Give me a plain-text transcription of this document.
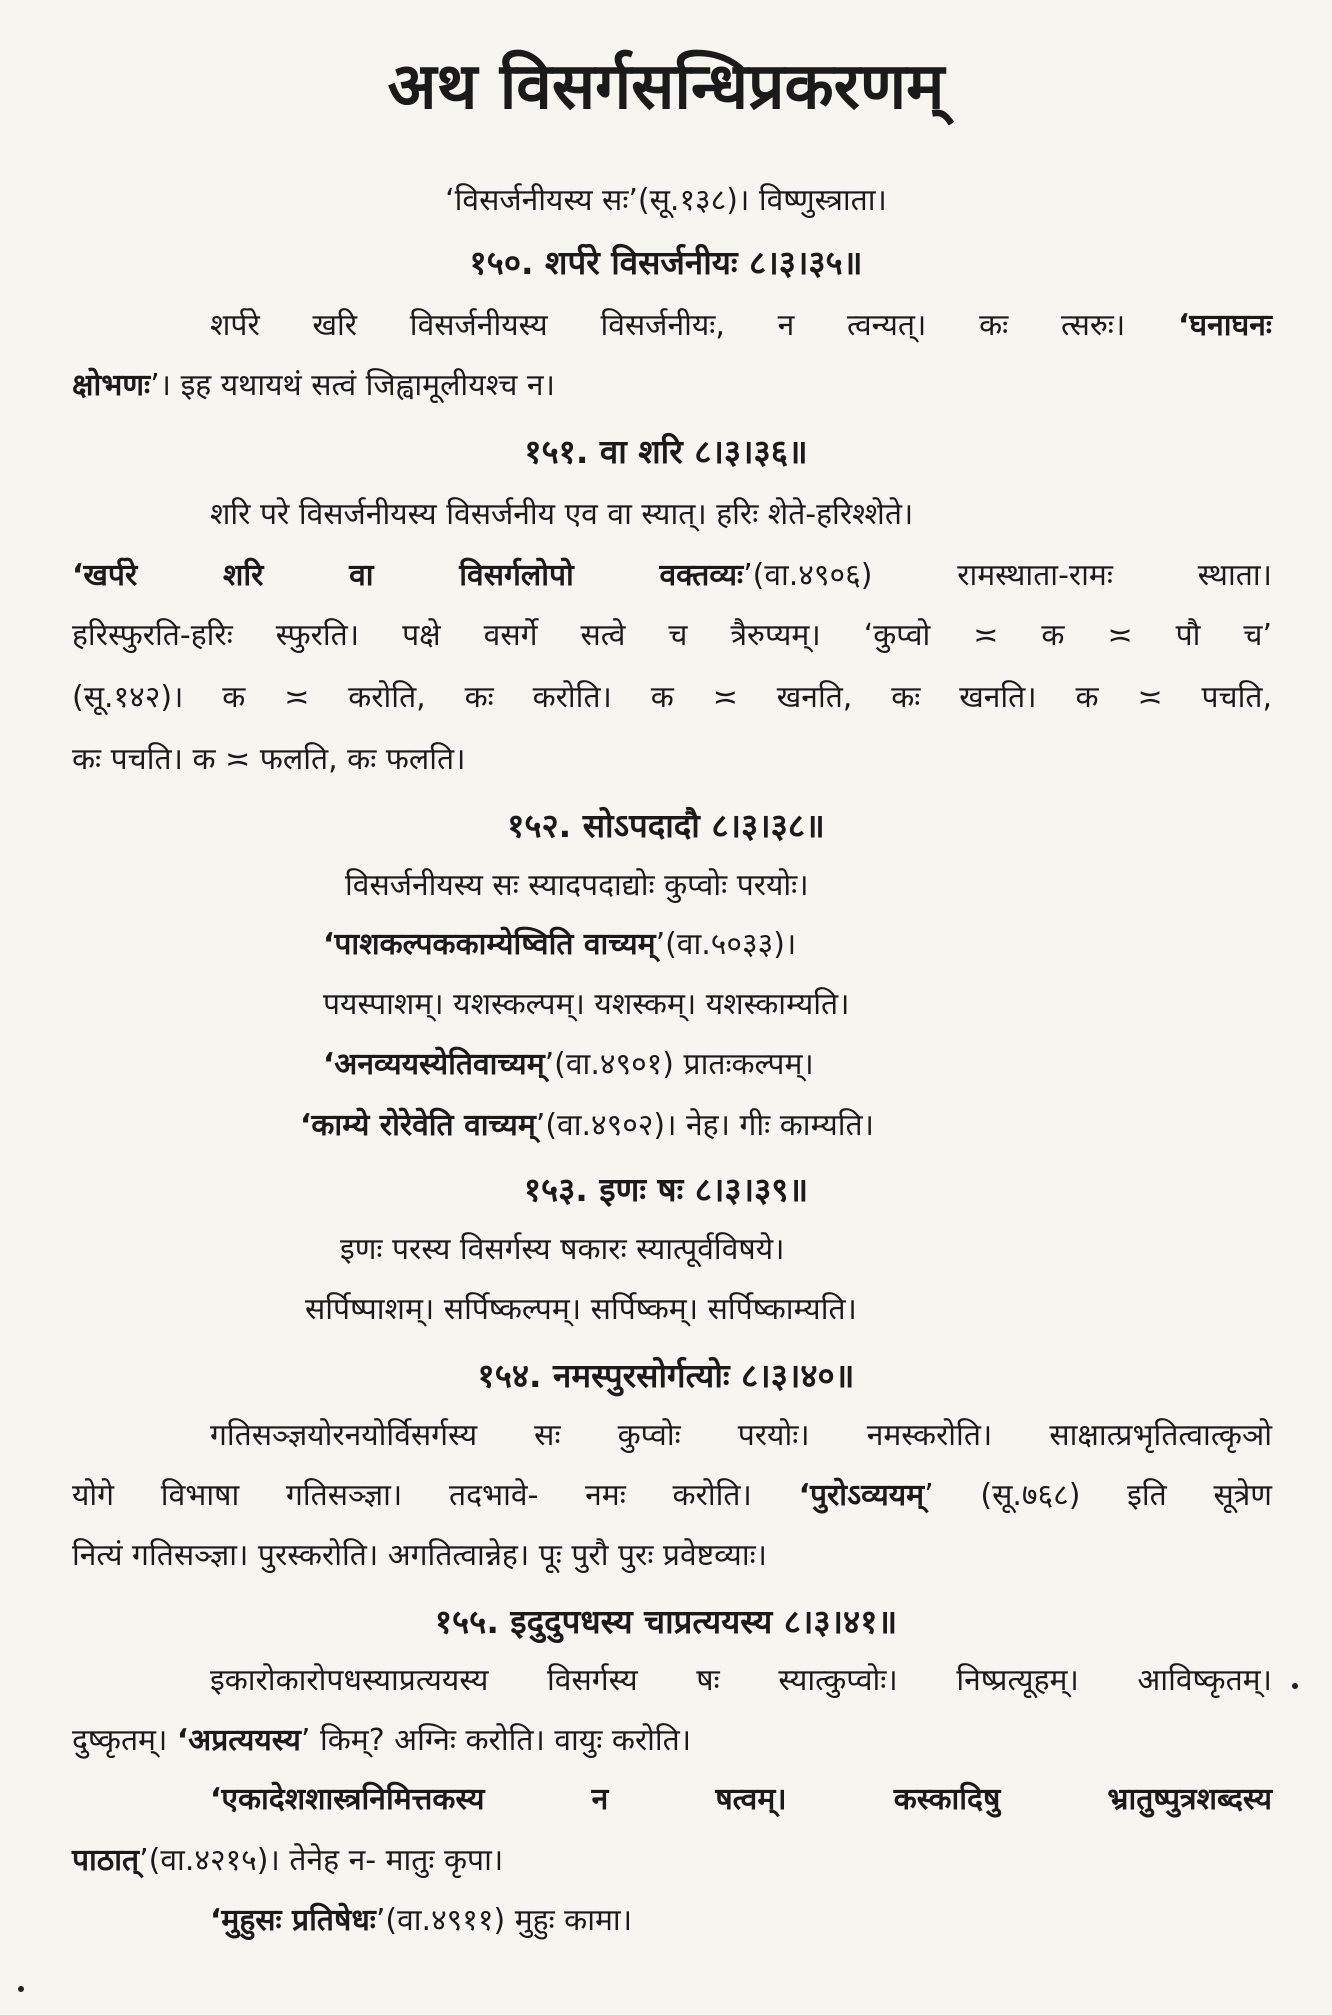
अथ विसर्गसन्धिप्रकरणम्
‘विसर्जनीयस्य सः’(सू.१३८)। विष्णुस्त्राता।
१५०. शर्परे विसर्जनीयः ८।३।३५॥
शर्परे खरि विसर्जनीयस्य विसर्जनीयः, न त्वन्यत्। कः त्सरुः। ‘घनाघनः
क्षोभणः’। इह यथायथं सत्वं जिह्वामूलीयश्च न।
१५१. वा शरि ८।३।३६॥
शरि परे विसर्जनीयस्य विसर्जनीय एव वा स्यात्। हरिः शेते-हरिश्शेते।
‘खर्परे शरि वा विसर्गलोपो वक्तव्यः’(वा.४९०६) रामस्थाता-रामः स्थाता।
हरिस्फुरति-हरिः स्फुरति। पक्षे वसर्गे सत्वे च त्रैरुप्यम्। ‘कुप्वो ≍ क ≍ पौ च’
(सू.१४२)। क ≍ करोति, कः करोति। क ≍ खनति, कः खनति। क ≍ पचति,
कः पचति। क ≍ फलति, कः फलति।
१५२. सोऽपदादौ ८।३।३८॥
विसर्जनीयस्य सः स्यादपदाद्योः कुप्वोः परयोः।
‘पाशकल्पककाम्येष्विति वाच्यम्’(वा.५०३३)।
पयस्पाशम्। यशस्कल्पम्। यशस्कम्। यशस्काम्यति।
‘अनव्ययस्येतिवाच्यम्’(वा.४९०१) प्रातःकल्पम्।
‘काम्ये रोरेवेति वाच्यम्’(वा.४९०२)। नेह। गीः काम्यति।
१५३. इणः षः ८।३।३९॥
इणः परस्य विसर्गस्य षकारः स्यात्पूर्वविषये।
सर्पिष्पाशम्। सर्पिष्कल्पम्। सर्पिष्कम्। सर्पिष्काम्यति।
१५४. नमस्पुरसोर्गत्योः ८।३।४०॥
गतिसञ्ज्ञयोरनयोर्विसर्गस्य सः कुप्वोः परयोः। नमस्करोति। साक्षात्प्रभृतित्वात्कृञो
योगे विभाषा गतिसञ्ज्ञा। तदभावे- नमः करोति। ‘पुरोऽव्ययम्’ (सू.७६८) इति सूत्रेण
नित्यं गतिसञ्ज्ञा। पुरस्करोति। अगतित्वान्नेह। पूः पुरौ पुरः प्रवेष्टव्याः।
१५५. इदुदुपधस्य चाप्रत्ययस्य ८।३।४१॥
इकारोकारोपधस्याप्रत्ययस्य विसर्गस्य षः स्यात्कुप्वोः। निष्प्रत्यूहम्। आविष्कृतम्।
दुष्कृतम्। ‘अप्रत्ययस्य’ किम्? अग्निः करोति। वायुः करोति।
‘एकादेशशास्त्रनिमित्तकस्य न षत्वम्। कस्कादिषु भ्रातुष्पुत्रशब्दस्य
पाठात्’(वा.४२१५)। तेनेह न- मातुः कृपा।
‘मुहुसः प्रतिषेधः’(वा.४९११) मुहुः कामा।
